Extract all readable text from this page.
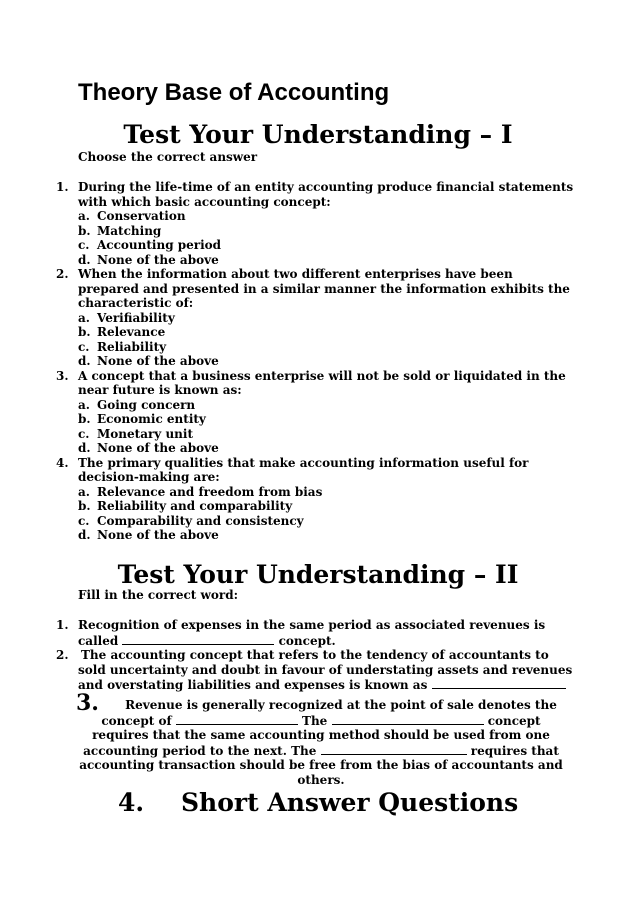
Theory Base of Accounting
Test Your Understanding – I
Choose the correct answer
1. During the life-time of an entity accounting produce financial statements
with which basic accounting concept:
a. Conservation
b. Matching
c. Accounting period
d. None of the above
2. When the information about two different enterprises have been
prepared and presented in a similar manner the information exhibits the
characteristic of:
a. Verifiability
b. Relevance
c. Reliability
d. None of the above
3. A concept that a business enterprise will not be sold or liquidated in the
near future is known as:
a. Going concern
b. Economic entity
c. Monetary unit
d. None of the above
4. The primary qualities that make accounting information useful for
decision-making are:
a. Relevance and freedom from bias
b. Reliability and comparability
c. Comparability and consistency
d. None of the above
Test Your Understanding – II
Fill in the correct word:
1. Recognition of expenses in the same period as associated revenues is
called	concept.
2. The accounting concept that refers to the tendency of accountants to
sold uncertainty and doubt in favour of understating assets and revenues
and overstating liabilities and expenses is known as
3.	Revenue is generally recognized at the point of sale denotes the
concept of	The	concept
requires that the same accounting method should be used from one
accounting period to the next. The	requires that
accounting transaction should be free from the bias of accountants and
others.
4. Short Answer Questions
